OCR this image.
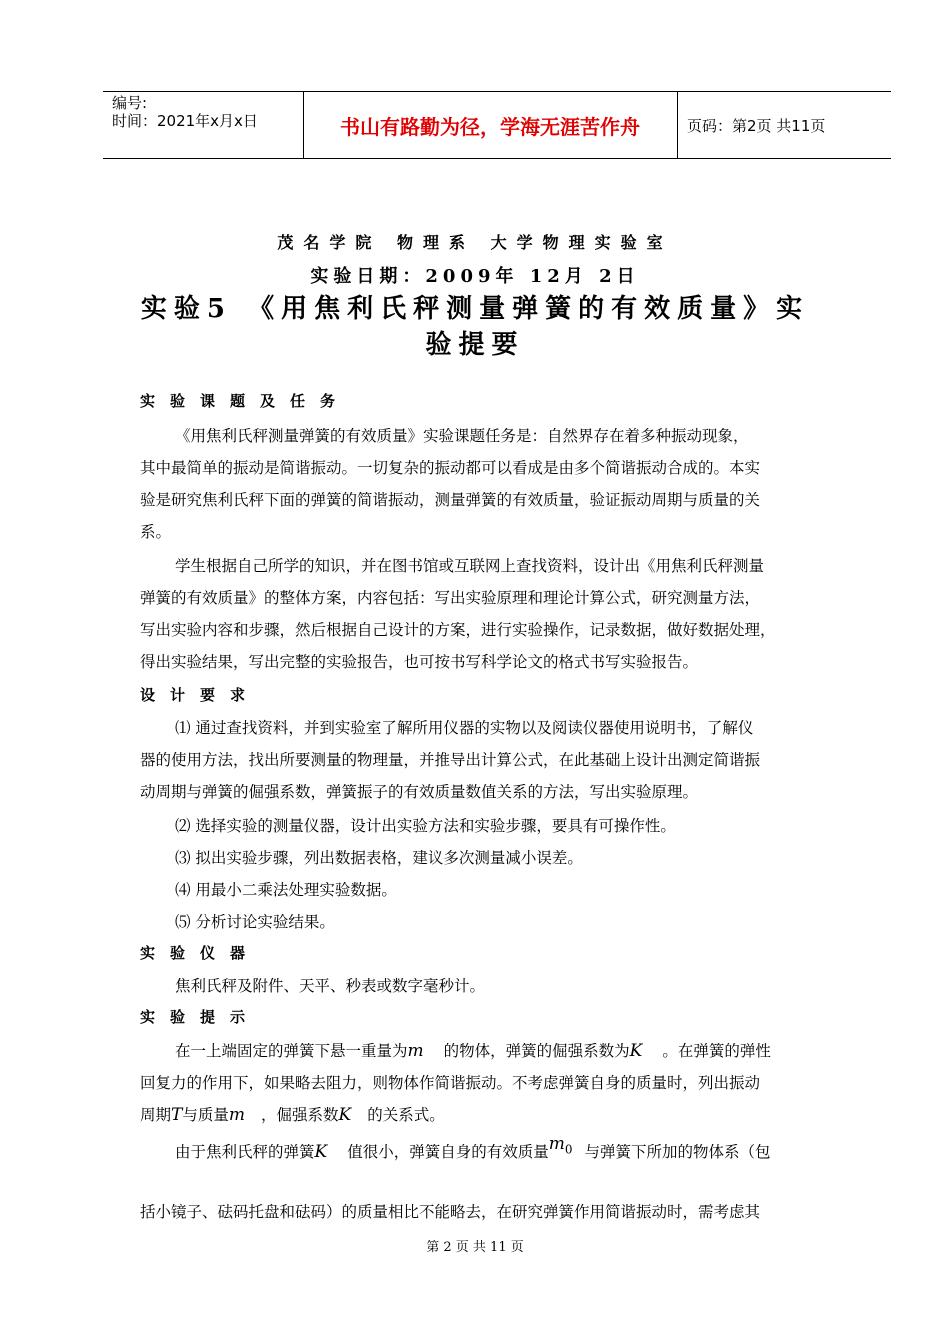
编号:
时间：2021年x月x日	书山有路勤为径，学海无涯苦作舟	页码：第2页 共11页
茂名学院 物理系 大学物理实验室
实验日期：2009年 12月 2日
实验5 《用焦利氏秤测量弹簧的有效质量》实
验提要
实验课题及任务
《用焦利氏秤测量弹簧的有效质量》实验课题任务是：自然界存在着多种振动现象，
其中最简单的振动是简谐振动。一切复杂的振动都可以看成是由多个简谐振动合成的。本实
验是研究焦利氏秤下面的弹簧的简谐振动，测量弹簧的有效质量，验证振动周期与质量的关
系。
学生根据自己所学的知识，并在图书馆或互联网上查找资料，设计出《用焦利氏秤测量
弹簧的有效质量》的整体方案，内容包括：写出实验原理和理论计算公式，研究测量方法，
写出实验内容和步骤，然后根据自己设计的方案，进行实验操作，记录数据，做好数据处理，
得出实验结果，写出完整的实验报告，也可按书写科学论文的格式书写实验报告。
设计要求
⑴ 通过查找资料，并到实验室了解所用仪器的实物以及阅读仪器使用说明书，了解仪
器的使用方法，找出所要测量的物理量，并推导出计算公式，在此基础上设计出测定简谐振
动周期与弹簧的倔强系数，弹簧振子的有效质量数值关系的方法，写出实验原理。
⑵ 选择实验的测量仪器，设计出实验方法和实验步骤，要具有可操作性。
⑶ 拟出实验步骤，列出数据表格，建议多次测量减小误差。
⑷ 用最小二乘法处理实验数据。
⑸ 分析讨论实验结果。
实验仪器
焦利氏秤及附件、天平、秒表或数字毫秒计。
实验提示
在一上端固定的弹簧下悬一重量为m 的物体，弹簧的倔强系数为K 。在弹簧的弹性
回复力的作用下，如果略去阻力，则物体作简谐振动。不考虑弹簧自身的质量时，列出振动
周期T与质量m ，倔强系数K 的关系式。
由于焦利氏秤的弹簧K 值很小，弹簧自身的有效质量$m_0$ 与弹簧下所加的物体系（包
括小镜子、砝码托盘和砝码）的质量相比不能略去，在研究弹簧作用简谐振动时，需考虑其
第 2 页 共 11 页
